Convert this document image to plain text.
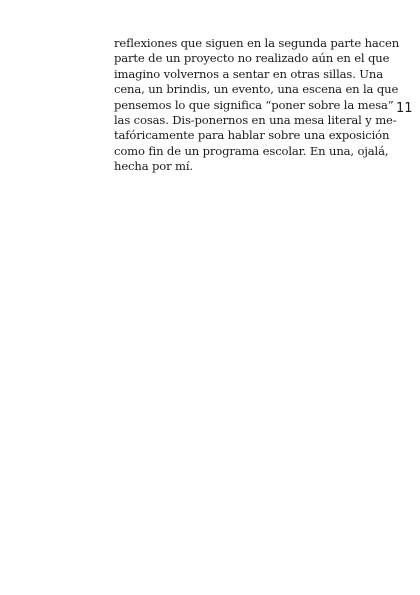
reflexiones que siguen en la segunda parte hacen
parte de un proyecto no realizado aún en el que
imagino volvernos a sentar en otras sillas. Una
cena, un brindis, un evento, una escena en la que
pensemos lo que significa “poner sobre la mesa”
las cosas. Dis-ponernos en una mesa literal y me-
tafóricamente para hablar sobre una exposición
como fin de un programa escolar. En una, ojalá,
hecha por mí.
11
